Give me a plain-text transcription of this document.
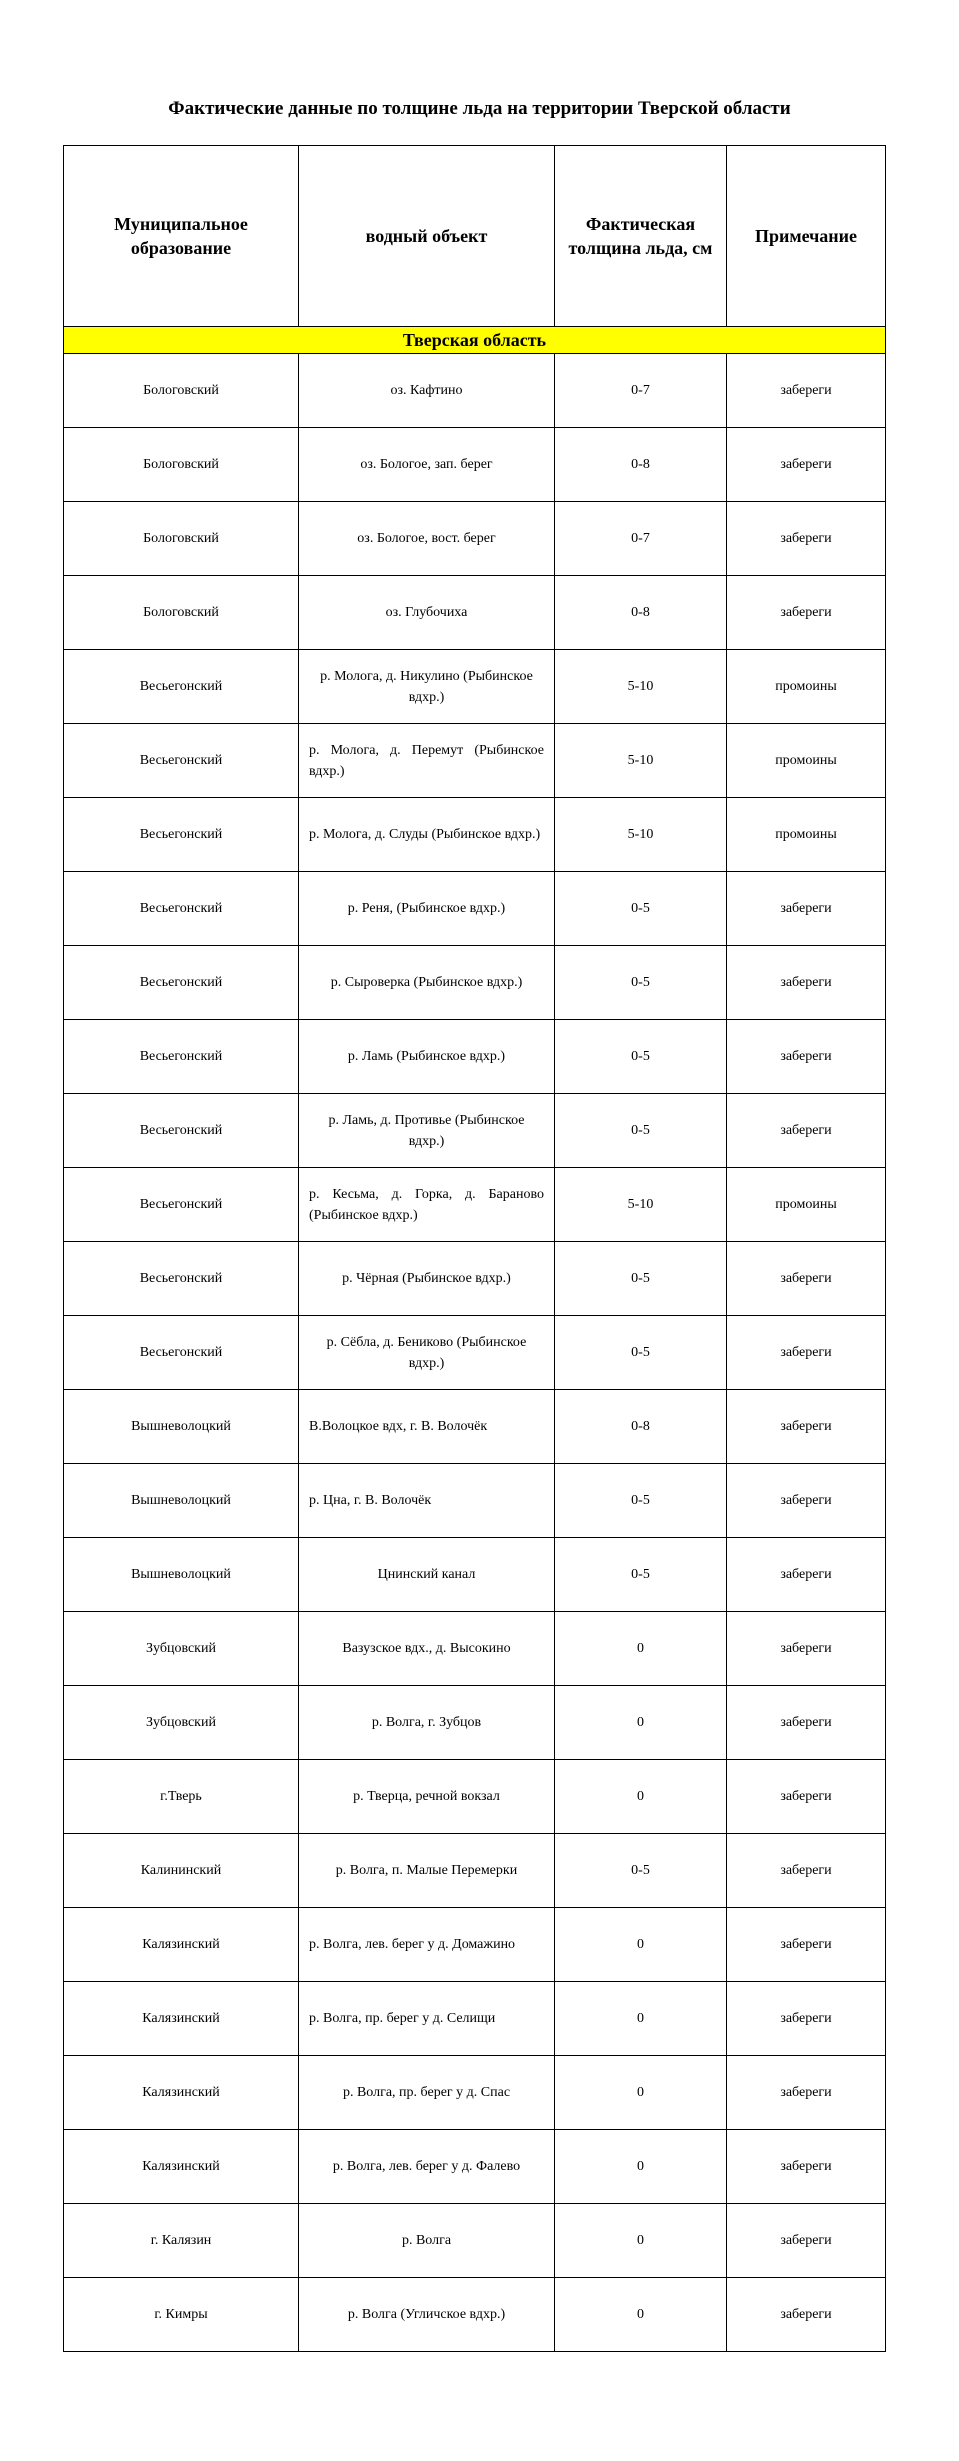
Фактические данные по толщине льда на территории Тверской области
Муниципальное образование	водный объект	Фактическая толщина льда, см	Примечание
Тверская область			
Бологовский	оз. Кафтино	0-7	забереги
Бологовский	оз. Бологое, зап. берег	0-8	забереги
Бологовский	оз. Бологое, вост. берег	0-7	забереги
Бологовский	оз. Глубочиха	0-8	забереги
Весьегонский	р. Молога, д. Никулино (Рыбинское вдхр.)	5-10	промоины
Весьегонский	р. Молога, д. Перемут (Рыбинское вдхр.)	5-10	промоины
Весьегонский	р. Молога, д. Слуды (Рыбинское вдхр.)	5-10	промоины
Весьегонский	р. Реня, (Рыбинское вдхр.)	0-5	забереги
Весьегонский	р. Сыроверка (Рыбинское вдхр.)	0-5	забереги
Весьегонский	р. Ламь (Рыбинское вдхр.)	0-5	забереги
Весьегонский	р. Ламь, д. Противье (Рыбинское вдхр.)	0-5	забереги
Весьегонский	р. Кесьма, д. Горка, д. Бараново (Рыбинское вдхр.)	5-10	промоины
Весьегонский	р. Чёрная (Рыбинское вдхр.)	0-5	забереги
Весьегонский	р. Сёбла, д. Бениково (Рыбинское вдхр.)	0-5	забереги
Вышневолоцкий	В.Волоцкое вдх, г. В. Волочёк	0-8	забереги
Вышневолоцкий	р. Цна, г. В. Волочёк	0-5	забереги
Вышневолоцкий	Цнинский канал	0-5	забереги
Зубцовский	Вазузское вдх., д. Высокино	0	забереги
Зубцовский	р. Волга, г. Зубцов	0	забереги
г.Тверь	р. Тверца, речной вокзал	0	забереги
Калининский	р. Волга, п. Малые Перемерки	0-5	забереги
Калязинский	р. Волга, лев. берег у д. Домажино	0	забереги
Калязинский	р. Волга, пр. берег у д. Селищи	0	забереги
Калязинский	р. Волга, пр. берег у д. Спас	0	забереги
Калязинский	р. Волга, лев. берег у д. Фалево	0	забереги
г. Калязин	р. Волга	0	забереги
г. Кимры	р. Волга (Угличское вдхр.)	0	забереги
